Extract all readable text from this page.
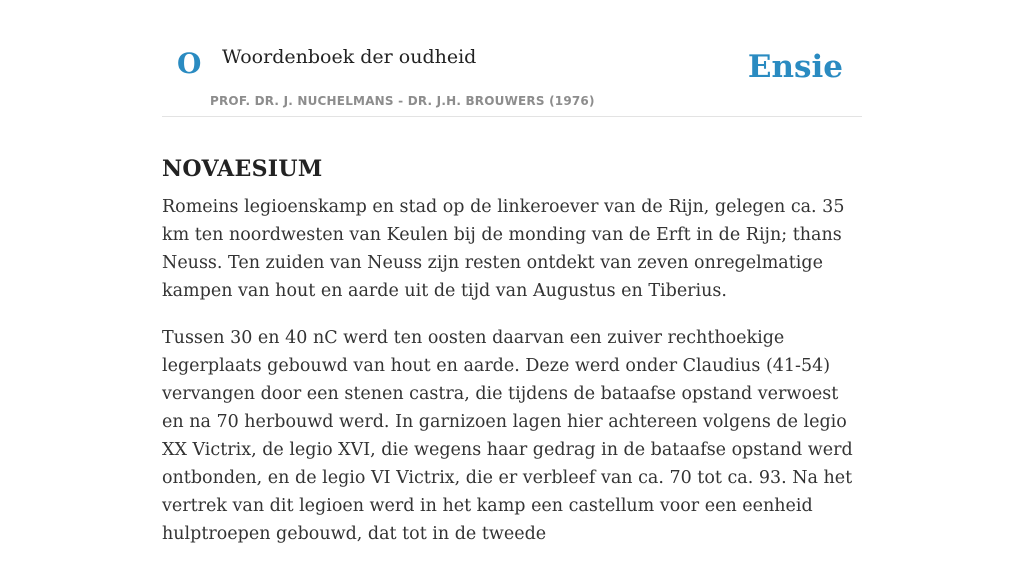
O Woordenboek der oudheid
PROF. DR. J. NUCHELMANS - DR. J.H. BROUWERS (1976)
Ensie
NOVAESIUM

Romeins legioenskamp en stad op de linkeroever van de Rijn, gelegen ca. 35 km ten noordwesten van Keulen bij de monding van de Erft in de Rijn; thans Neuss. Ten zuiden van Neuss zijn resten ontdekt van zeven onregelmatige kampen van hout en aarde uit de tijd van Augustus en Tiberius.

Tussen 30 en 40 nC werd ten oosten daarvan een zuiver rechthoekige legerplaats gebouwd van hout en aarde. Deze werd onder Claudius (41-54) vervangen door een stenen castra, die tijdens de bataafse opstand verwoest en na 70 herbouwd werd. In garnizoen lagen hier achtereen volgens de legio XX Victrix, de legio XVI, die wegens haar gedrag in de bataafse opstand werd ontbonden, en de legio VI Victrix, die er verbleef van ca. 70 tot ca. 93. Na het vertrek van dit legioen werd in het kamp een castellum voor een eenheid hulptroepen gebouwd, dat tot in de tweede
